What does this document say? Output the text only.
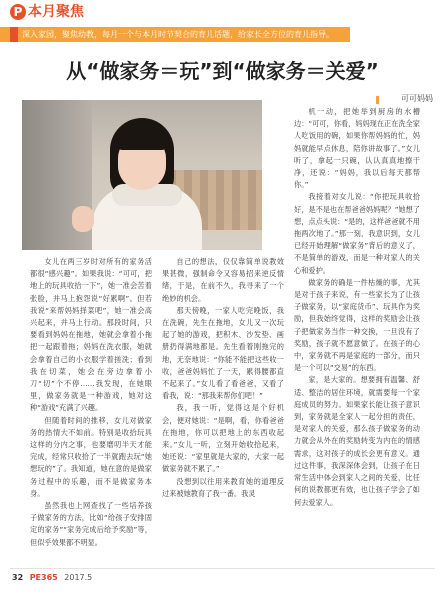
P 本月聚焦
深入家园，聚焦幼教，每月一个与本月时节契合的育儿话题，给家长全方位的育儿指导。
从“做家务＝玩”到“做家务＝关爱”
可可妈妈

女儿在两三岁时对所有的家务活都很“感兴趣”。如果我说：“可可，把地上的玩具收拾一下”，她一准会苦着张脸，并马上抱怨说“好累啊”。但若我说“来帮妈妈择菜吧”，她一准会高兴起来，并马上行动。那段时间，只要看到妈妈在拖地，她就会拿着小拖把一起跟着拖；妈妈在洗衣服，她就会拿着自己的小衣服学着搓洗；看到我在切菜，她会在旁边拿着小刀“切”个不停……我发现，在她眼里，做家务就是一种游戏，她对这种“游戏”充满了兴趣。

但随着时间的推移，女儿对做家务的热情大不如前。特别是收拾玩具这样的分内之事，也要磨叨半天才能完成，经常只收拾了一半就跑去玩“她想玩的”了。我知道，她在意的是做家务过程中的乐趣，而不是做家务本身。

虽然我也上网查找了一些培养孩子做家务的方法，比如“给孩子安排固定的家务”“家务完成后给予奖励”等，但似乎效果都不明显。

自己的想法，仅仅靠简单说教效果甚微，强制命令又容易招来逆反情绪，于是，在前不久，我寻来了一个绝妙的机会。

那天傍晚，一家人吃完晚饭，我在洗碗，先生在拖地，女儿又一次玩起了她的游戏，把积木、沙发垫、画册扔得满地都是。先生看着刚拖完的地，无奈地说：“你能不能把这些收一收，爸爸妈妈忙了一天，累得腰都直不起来了。”女儿看了看爸爸，又看了看我，说：“那我来帮你们吧！”

我，我一听，觉得这是个好机会，便对她说：“是啊，看，你看爸爸在拖地，你可以把地上的东西收起来。”女儿一听，立刻开始收拾起来，她还说：“家里就是大家的，大家一起做家务就不累了。”

没想到以往用来教育她的道理反过来被她教育了我一番。我灵

机一动，把她举到厨房的水槽边：“可可，你看，妈妈现在正在洗全家人吃饭用的碗，如果你帮妈妈的忙，妈妈就能早点休息，陪你讲故事了。”女儿听了，拿起一只碗，认认真真地擦干净，还说：“妈妈，我以后每天都帮你。”

我接着对女儿说：“你把玩具收拾好，是不是也在帮爸爸妈妈呢？”她想了想，点点头说：“是的，这样爸爸就不用拖两次地了。”那一刻，我意识到，女儿已经开始理解“做家务”背后的意义了，不是简单的游戏，而是一种对家人的关心和爱护。

做家务的确是一件枯燥的事，尤其是对于孩子来说，有一些家长为了让孩子做家务，以“家庭货币”、玩具作为奖励，但我始终觉得，这样的奖励会让孩子把做家务当作一种交换，一旦没有了奖励，孩子就不愿意做了。在孩子的心中，家务就不再是家庭的一部分，而只是一个可以“交易”的东西。

家，是大家的。想要拥有温馨、舒适、整洁的居住环境，就需要每一个家庭成员的努力。如果家长能让孩子意识到，家务就是全家人一起分担的责任，是对家人的关爱，那么孩子做家务的动力就会从外在的奖励转变为内在的情感需求，这对孩子的成长会更有意义。通过这件事，我深深体会到，让孩子在日常生活中体会到家人之间的关爱，比任何的说教都更有效，也让孩子学会了如何去爱家人。

32 PE365 2017.5
